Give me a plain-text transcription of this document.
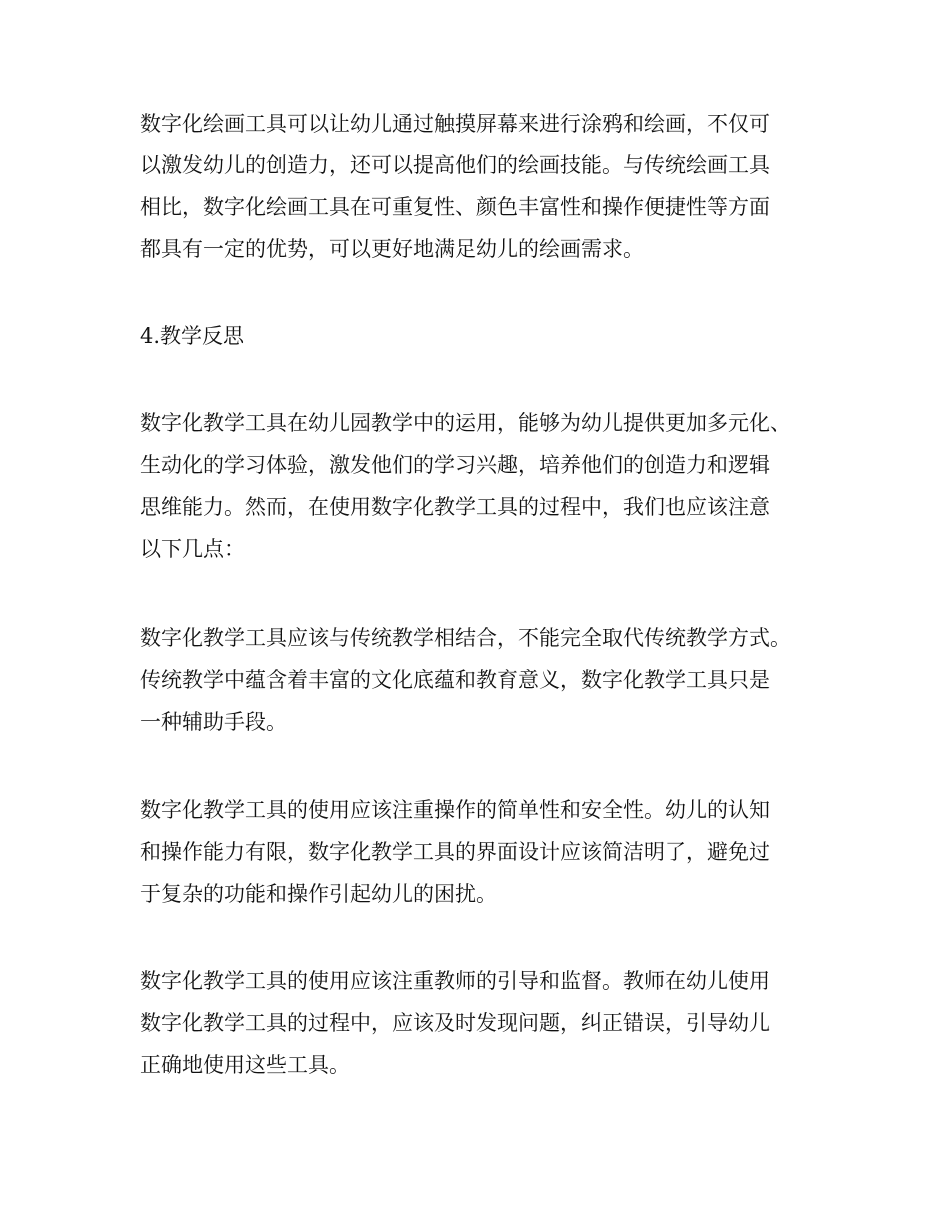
数字化绘画工具可以让幼儿通过触摸屏幕来进行涂鸦和绘画，不仅可
以激发幼儿的创造力，还可以提高他们的绘画技能。与传统绘画工具
相比，数字化绘画工具在可重复性、颜色丰富性和操作便捷性等方面
都具有一定的优势，可以更好地满足幼儿的绘画需求。
4.教学反思
数字化教学工具在幼儿园教学中的运用，能够为幼儿提供更加多元化、
生动化的学习体验，激发他们的学习兴趣，培养他们的创造力和逻辑
思维能力。然而，在使用数字化教学工具的过程中，我们也应该注意
以下几点：
数字化教学工具应该与传统教学相结合，不能完全取代传统教学方式。
传统教学中蕴含着丰富的文化底蕴和教育意义，数字化教学工具只是
一种辅助手段。
数字化教学工具的使用应该注重操作的简单性和安全性。幼儿的认知
和操作能力有限，数字化教学工具的界面设计应该简洁明了，避免过
于复杂的功能和操作引起幼儿的困扰。
数字化教学工具的使用应该注重教师的引导和监督。教师在幼儿使用
数字化教学工具的过程中，应该及时发现问题，纠正错误，引导幼儿
正确地使用这些工具。
